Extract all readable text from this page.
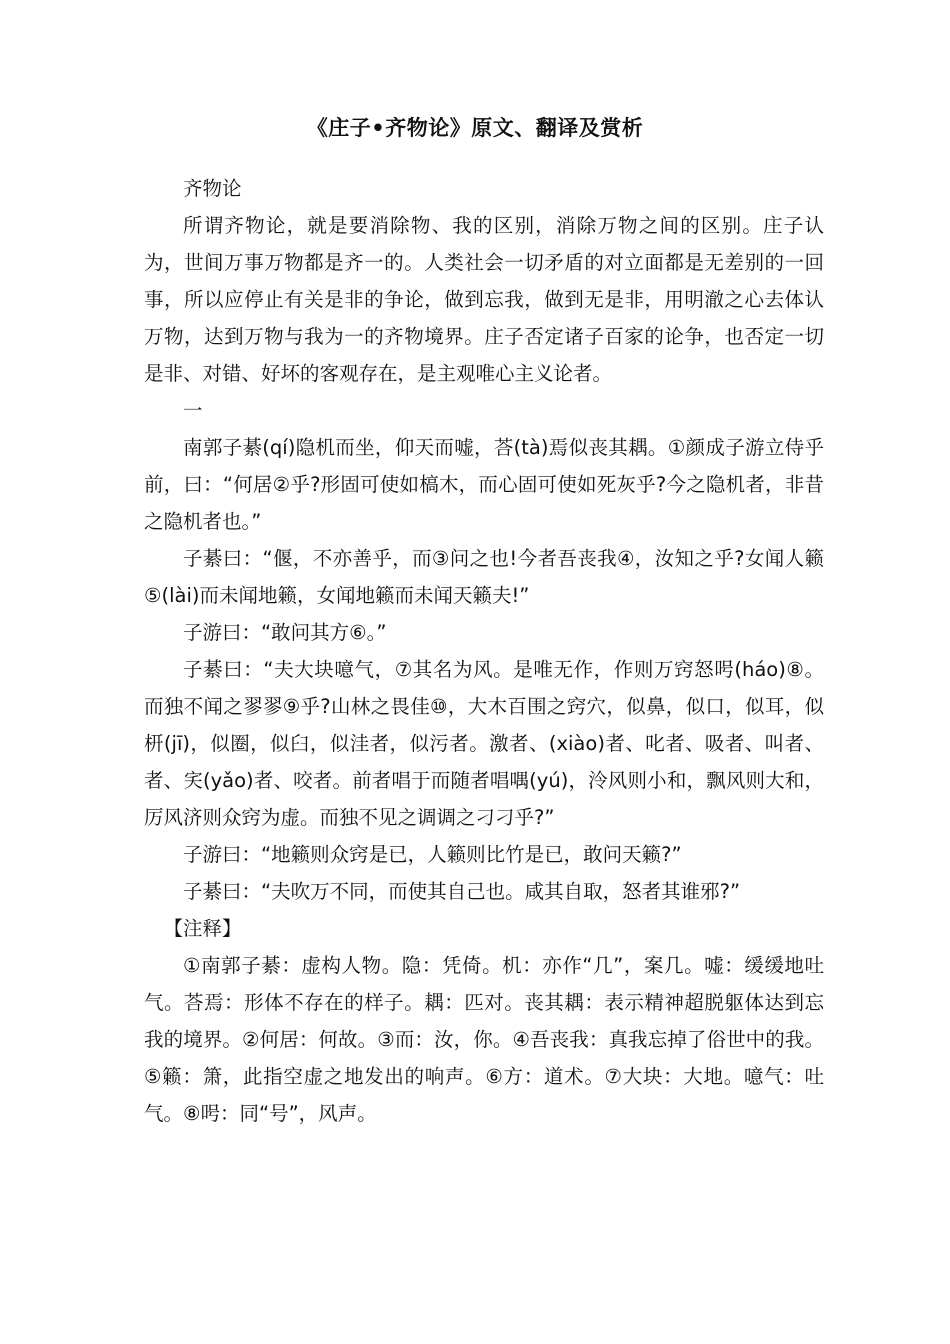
《庄子•齐物论》原文、翻译及赏析

齐物论

所谓齐物论，就是要消除物、我的区别，消除万物之间的区别。庄子认为，世间万事万物都是齐一的。人类社会一切矛盾的对立面都是无差别的一回事，所以应停止有关是非的争论，做到忘我，做到无是非，用明澈之心去体认万物，达到万物与我为一的齐物境界。庄子否定诸子百家的论争，也否定一切是非、对错、好坏的客观存在，是主观唯心主义论者。

一

南郭子綦(qí)隐机而坐，仰天而嘘，荅(tà)焉似丧其耦。①颜成子游立侍乎前，曰：“何居②乎?形固可使如槁木，而心固可使如死灰乎?今之隐机者，非昔之隐机者也。”

子綦曰：“偃，不亦善乎，而③问之也!今者吾丧我④，汝知之乎?女闻人籁⑤(lài)而未闻地籁，女闻地籁而未闻天籁夫!”

子游曰：“敢问其方⑥。”

子綦曰：“夫大块噫气，⑦其名为风。是唯无作，作则万窍怒呺(háo)⑧。而独不闻之翏翏⑨乎?山林之畏佳⑩，大木百围之窍穴，似鼻，似口，似耳，似枅(jī)，似圈，似臼，似洼者，似污者。激者、(xiào)者、叱者、吸者、叫者、者、宎(yǎo)者、咬者。前者唱于而随者唱喁(yú)，泠风则小和，飘风则大和，厉风济则众窍为虚。而独不见之调调之刁刁乎?”

子游曰：“地籁则众窍是已，人籁则比竹是已，敢问天籁?”

子綦曰：“夫吹万不同，而使其自己也。咸其自取，怒者其谁邪?”

【注释】

①南郭子綦：虚构人物。隐：凭倚。机：亦作“几”，案几。嘘：缓缓地吐气。荅焉：形体不存在的样子。耦：匹对。丧其耦：表示精神超脱躯体达到忘我的境界。②何居：何故。③而：汝，你。④吾丧我：真我忘掉了俗世中的我。⑤籁：箫，此指空虚之地发出的响声。⑥方：道术。⑦大块：大地。噫气：吐气。⑧呺：同“号”，风声。
